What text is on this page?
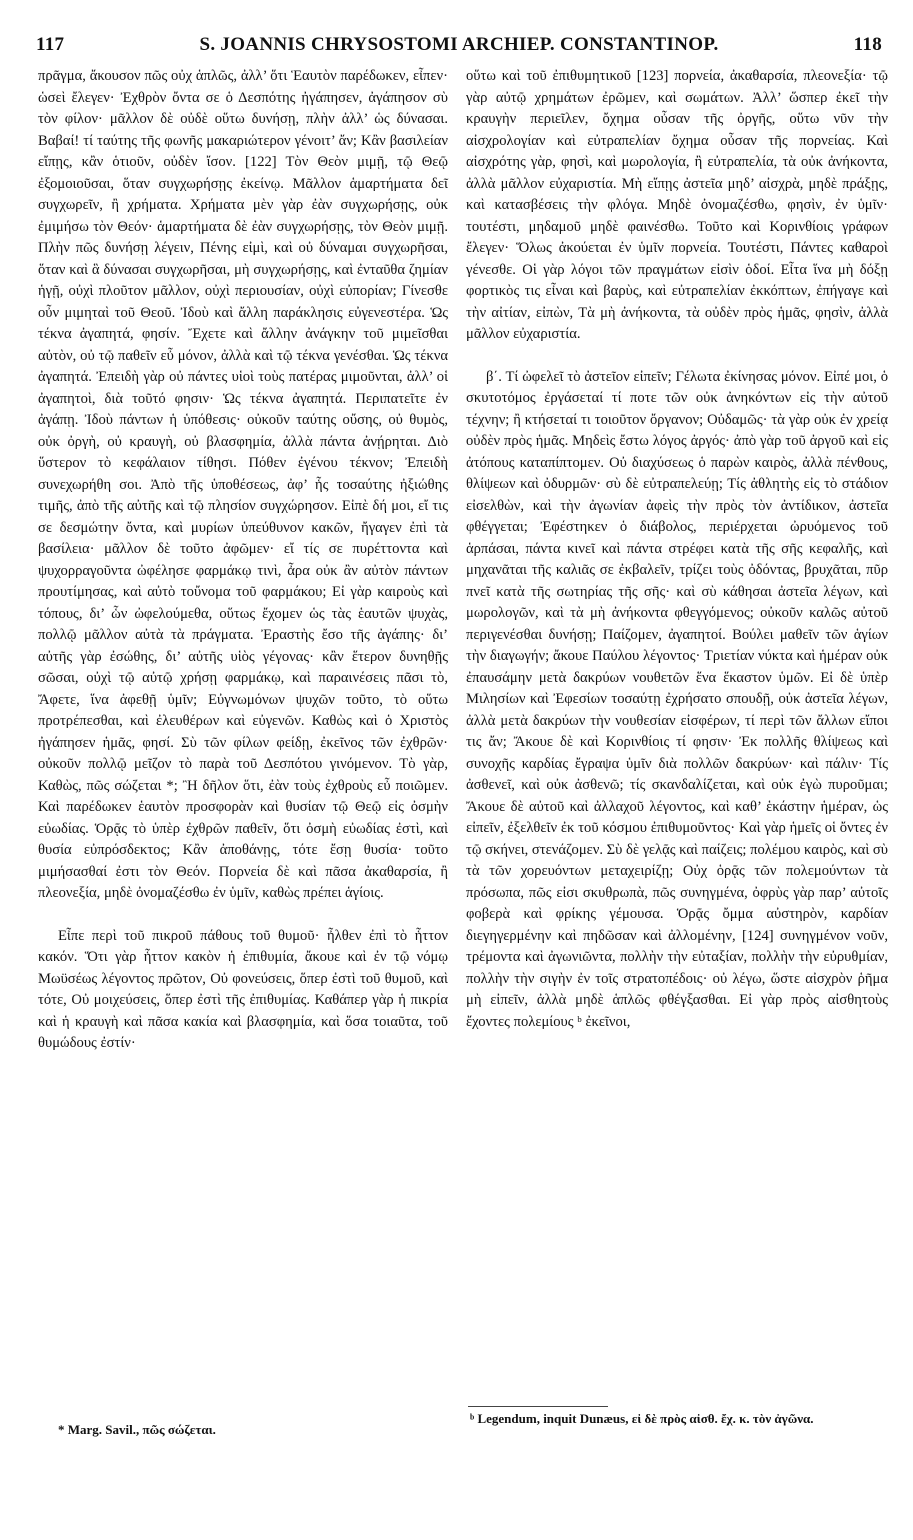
117	S. JOANNIS CHRYSOSTOMI ARCHIEP. CONSTANTINOP.	118

πρᾶγμα, ἄκουσον πῶς οὐχ ἁπλῶς, ἀλλ’ ὅτι Ἑαυτὸν παρέδωκεν, εἶπεν· ὡσεὶ ἔλεγεν· Ἐχθρὸν ὄντα σε ὁ Δεσπότης ἠγάπησεν, ἀγάπησον σὺ τὸν φίλον· μᾶλλον δὲ οὐδὲ οὕτω δυνήσῃ, πλὴν ἀλλ’ ὡς δύνασαι. Βαβαί! τί ταύτης τῆς φωνῆς μακαριώτερον γένοιτ’ ἄν; Κἂν βασιλείαν εἴπῃς, κἂν ὁτιοῦν, οὐδὲν ἴσον. [122] Τὸν Θεὸν μιμῇ, τῷ Θεῷ ἐξομοιοῦσαι, ὅταν συγχωρήσῃς ἐκείνῳ. Μᾶλλον ἁμαρτήματα δεῖ συγχωρεῖν, ἢ χρήματα. Χρήματα μὲν γὰρ ἐὰν συγχωρήσῃς, οὐκ ἐμιμήσω τὸν Θεόν· ἁμαρτήματα δὲ ἐὰν συγχωρήσῃς, τὸν Θεὸν μιμῇ. Πλὴν πῶς δυνήσῃ λέγειν, Πένης εἰμὶ, καὶ οὐ δύναμαι συγχωρῆσαι, ὅταν καὶ ἃ δύνασαι συγχωρῆσαι, μὴ συγχωρήσῃς, καὶ ἐνταῦθα ζημίαν ἡγῇ, οὐχὶ πλοῦτον μᾶλλον, οὐχὶ περιουσίαν, οὐχὶ εὐπορίαν; Γίνεσθε οὖν μιμηταὶ τοῦ Θεοῦ. Ἰδοὺ καὶ ἄλλη παράκλησις εὐγενεστέρα. Ὡς τέκνα ἀγαπητά, φησίν. Ἔχετε καὶ ἄλλην ἀνάγκην τοῦ μιμεῖσθαι αὐτὸν, οὐ τῷ παθεῖν εὖ μόνον, ἀλλὰ καὶ τῷ τέκνα γενέσθαι. Ὡς τέκνα ἀγαπητά. Ἐπειδὴ γὰρ οὐ πάντες υἱοὶ τοὺς πατέρας μιμοῦνται, ἀλλ’ οἱ ἀγαπητοὶ, διὰ τοῦτό φησιν· Ὡς τέκνα ἀγαπητά. Περιπατεῖτε ἐν ἀγάπῃ. Ἰδοὺ πάντων ἡ ὑπόθεσις· οὐκοῦν ταύτης οὔσης, οὐ θυμὸς, οὐκ ὀργὴ, οὐ κραυγὴ, οὐ βλασφημία, ἀλλὰ πάντα ἀνῄρηται. Διὸ ὕστερον τὸ κεφάλαιον τίθησι. Πόθεν ἐγένου τέκνον; Ἐπειδὴ συνεχωρήθη σοι. Ἀπὸ τῆς ὑποθέσεως, ἀφ’ ἧς τοσαύτης ἠξιώθης τιμῆς, ἀπὸ τῆς αὐτῆς καὶ τῷ πλησίον συγχώρησον. Εἰπὲ δή μοι, εἴ τις σε δεσμώτην ὄντα, καὶ μυρίων ὑπεύθυνον κακῶν, ἤγαγεν ἐπὶ τὰ βασίλεια· μᾶλλον δὲ τοῦτο ἀφῶμεν· εἴ τίς σε πυρέττοντα καὶ ψυχορραγοῦντα ὠφέλησε φαρμάκῳ τινὶ, ἆρα οὐκ ἂν αὐτὸν πάντων προυτίμησας, καὶ αὐτὸ τοὔνομα τοῦ φαρμάκου; Εἰ γὰρ καιροὺς καὶ τόπους, δι’ ὧν ὠφελούμεθα, οὕτως ἔχομεν ὡς τὰς ἑαυτῶν ψυχὰς, πολλῷ μᾶλλον αὐτὰ τὰ πράγματα. Ἐραστὴς ἔσο τῆς ἀγάπης· δι’ αὐτῆς γὰρ ἐσώθης, δι’ αὐτῆς υἱὸς γέγονας· κἂν ἕτερον δυνηθῇς σῶσαι, οὐχὶ τῷ αὐτῷ χρήσῃ φαρμάκῳ, καὶ παραινέσεις πᾶσι τὸ, Ἄφετε, ἵνα ἀφεθῇ ὑμῖν; Εὐγνωμόνων ψυχῶν τοῦτο, τὸ οὕτω προτρέπεσθαι, καὶ ἐλευθέρων καὶ εὐγενῶν. Καθὼς καὶ ὁ Χριστὸς ἠγάπησεν ἡμᾶς, φησί. Σὺ τῶν φίλων φείδῃ, ἐκεῖνος τῶν ἐχθρῶν· οὐκοῦν πολλῷ μεῖζον τὸ παρὰ τοῦ Δεσπότου γινόμενον. Τὸ γὰρ, Καθὼς, πῶς σώζεται *; Ἢ δῆλον ὅτι, ἐὰν τοὺς ἐχθροὺς εὖ ποιῶμεν. Καὶ παρέδωκεν ἑαυτὸν προσφορὰν καὶ θυσίαν τῷ Θεῷ εἰς ὀσμὴν εὐωδίας. Ὁρᾷς τὸ ὑπὲρ ἐχθρῶν παθεῖν, ὅτι ὀσμὴ εὐωδίας ἐστὶ, καὶ θυσία εὐπρόσδεκτος; Κἂν ἀποθάνῃς, τότε ἔσῃ θυσία· τοῦτο μιμήσασθαί ἐστι τὸν Θεόν. Πορνεία δὲ καὶ πᾶσα ἀκαθαρσία, ἢ πλεονεξία, μηδὲ ὀνομαζέσθω ἐν ὑμῖν, καθὼς πρέπει ἁγίοις.

Εἶπε περὶ τοῦ πικροῦ πάθους τοῦ θυμοῦ· ἦλθεν ἐπὶ τὸ ἧττον κακόν. Ὅτι γὰρ ἧττον κακὸν ἡ ἐπιθυμία, ἄκουε καὶ ἐν τῷ νόμῳ Μωϋσέως λέγοντος πρῶτον, Οὐ φονεύσεις, ὅπερ ἐστὶ τοῦ θυμοῦ, καὶ τότε, Οὐ μοιχεύσεις, ὅπερ ἐστὶ τῆς ἐπιθυμίας. Καθάπερ γὰρ ἡ πικρία καὶ ἡ κραυγὴ καὶ πᾶσα κακία καὶ βλασφημία, καὶ ὅσα τοιαῦτα, τοῦ θυμώδους ἐστίν·

οὕτω καὶ τοῦ ἐπιθυμητικοῦ [123] πορνεία, ἀκαθαρσία, πλεονεξία· τῷ γὰρ αὐτῷ χρημάτων ἐρῶμεν, καὶ σωμάτων. Ἀλλ’ ὥσπερ ἐκεῖ τὴν κραυγὴν περιεῖλεν, ὄχημα οὖσαν τῆς ὀργῆς, οὕτω νῦν τὴν αἰσχρολογίαν καὶ εὐτραπελίαν ὄχημα οὖσαν τῆς πορνείας. Καὶ αἰσχρότης γὰρ, φησὶ, καὶ μωρολογία, ἢ εὐτραπελία, τὰ οὐκ ἀνήκοντα, ἀλλὰ μᾶλλον εὐχαριστία. Μὴ εἴπῃς ἀστεῖα μηδ’ αἰσχρὰ, μηδὲ πράξῃς, καὶ κατασβέσεις τὴν φλόγα. Μηδὲ ὀνομαζέσθω, φησὶν, ἐν ὑμῖν· τουτέστι, μηδαμοῦ μηδὲ φαινέσθω. Τοῦτο καὶ Κορινθίοις γράφων ἔλεγεν· Ὅλως ἀκούεται ἐν ὑμῖν πορνεία. Τουτέστι, Πάντες καθαροὶ γένεσθε. Οἱ γὰρ λόγοι τῶν πραγμάτων εἰσὶν ὁδοί. Εἶτα ἵνα μὴ δόξῃ φορτικὸς τις εἶναι καὶ βαρὺς, καὶ εὐτραπελίαν ἐκκόπτων, ἐπήγαγε καὶ τὴν αἰτίαν, εἰπὼν, Τὰ μὴ ἀνήκοντα, τὰ οὐδὲν πρὸς ἡμᾶς, φησὶν, ἀλλὰ μᾶλλον εὐχαριστία.

β΄. Τί ὠφελεῖ τὸ ἀστεῖον εἰπεῖν; Γέλωτα ἐκίνησας μόνον. Εἰπέ μοι, ὁ σκυτοτόμος ἐργάσεταί τί ποτε τῶν οὐκ ἀνηκόντων εἰς τὴν αὐτοῦ τέχνην; ἢ κτήσεταί τι τοιοῦτον ὄργανον; Οὐδαμῶς· τὰ γὰρ οὐκ ἐν χρείᾳ οὐδὲν πρὸς ἡμᾶς. Μηδεὶς ἔστω λόγος ἀργός· ἀπὸ γὰρ τοῦ ἀργοῦ καὶ εἰς ἀτόπους καταπίπτομεν. Οὐ διαχύσεως ὁ παρὼν καιρὸς, ἀλλὰ πένθους, θλίψεων καὶ ὀδυρμῶν· σὺ δὲ εὐτραπελεύῃ; Τίς ἀθλητὴς εἰς τὸ στάδιον εἰσελθὼν, καὶ τὴν ἀγωνίαν ἀφεὶς τὴν πρὸς τὸν ἀντίδικον, ἀστεῖα φθέγγεται; Ἐφέστηκεν ὁ διάβολος, περιέρχεται ὠρυόμενος τοῦ ἁρπάσαι, πάντα κινεῖ καὶ πάντα στρέφει κατὰ τῆς σῆς κεφαλῆς, καὶ μηχανᾶται τῆς καλιᾶς σε ἐκβαλεῖν, τρίζει τοὺς ὀδόντας, βρυχᾶται, πῦρ πνεῖ κατὰ τῆς σωτηρίας τῆς σῆς· καὶ σὺ κάθησαι ἀστεῖα λέγων, καὶ μωρολογῶν, καὶ τὰ μὴ ἀνήκοντα φθεγγόμενος; οὐκοῦν καλῶς αὐτοῦ περιγενέσθαι δυνήσῃ; Παίζομεν, ἀγαπητοί. Βούλει μαθεῖν τῶν ἁγίων τὴν διαγωγήν; ἄκουε Παύλου λέγοντος· Τριετίαν νύκτα καὶ ἡμέραν οὐκ ἐπαυσάμην μετὰ δακρύων νουθετῶν ἕνα ἕκαστον ὑμῶν. Εἰ δὲ ὑπὲρ Μιλησίων καὶ Ἐφεσίων τοσαύτῃ ἐχρήσατο σπουδῇ, οὐκ ἀστεῖα λέγων, ἀλλὰ μετὰ δακρύων τὴν νουθεσίαν εἰσφέρων, τί περὶ τῶν ἄλλων εἴποι τις ἄν; Ἄκουε δὲ καὶ Κορινθίοις τί φησιν· Ἐκ πολλῆς θλίψεως καὶ συνοχῆς καρδίας ἔγραψα ὑμῖν διὰ πολλῶν δακρύων· καὶ πάλιν· Τίς ἀσθενεῖ, καὶ οὐκ ἀσθενῶ; τίς σκανδαλίζεται, καὶ οὐκ ἐγὼ πυροῦμαι; Ἄκουε δὲ αὐτοῦ καὶ ἀλλαχοῦ λέγοντος, καὶ καθ’ ἑκάστην ἡμέραν, ὡς εἰπεῖν, ἐξελθεῖν ἐκ τοῦ κόσμου ἐπιθυμοῦντος· Καὶ γὰρ ἡμεῖς οἱ ὄντες ἐν τῷ σκήνει, στενάζομεν. Σὺ δὲ γελᾷς καὶ παίζεις; πολέμου καιρὸς, καὶ σὺ τὰ τῶν χορευόντων μεταχειρίζῃ; Οὐχ ὁρᾷς τῶν πολεμούντων τὰ πρόσωπα, πῶς εἰσι σκυθρωπὰ, πῶς συνηγμένα, ὀφρὺς γὰρ παρ’ αὐτοῖς φοβερὰ καὶ φρίκης γέμουσα. Ὁρᾷς ὄμμα αὐστηρὸν, καρδίαν διεγηγερμένην καὶ πηδῶσαν καὶ ἀλλομένην, [124] συνηγμένον νοῦν, τρέμοντα καὶ ἀγωνιῶντα, πολλὴν τὴν εὐταξίαν, πολλὴν τὴν εὐρυθμίαν, πολλὴν τὴν σιγὴν ἐν τοῖς στρατοπέδοις· οὐ λέγω, ὥστε αἰσχρὸν ῥῆμα μὴ εἰπεῖν, ἀλλὰ μηδὲ ἁπλῶς φθέγξασθαι. Εἰ γὰρ πρὸς αἰσθητοὺς ἔχοντες πολεμίους ᵇ ἐκεῖνοι,

* Marg. Savil., πῶς σώζεται.
ᵇ Legendum, inquit Dunæus, εἰ δὲ πρὸς αἰσθ. ἔχ. κ. τὸν ἀγῶνα.
